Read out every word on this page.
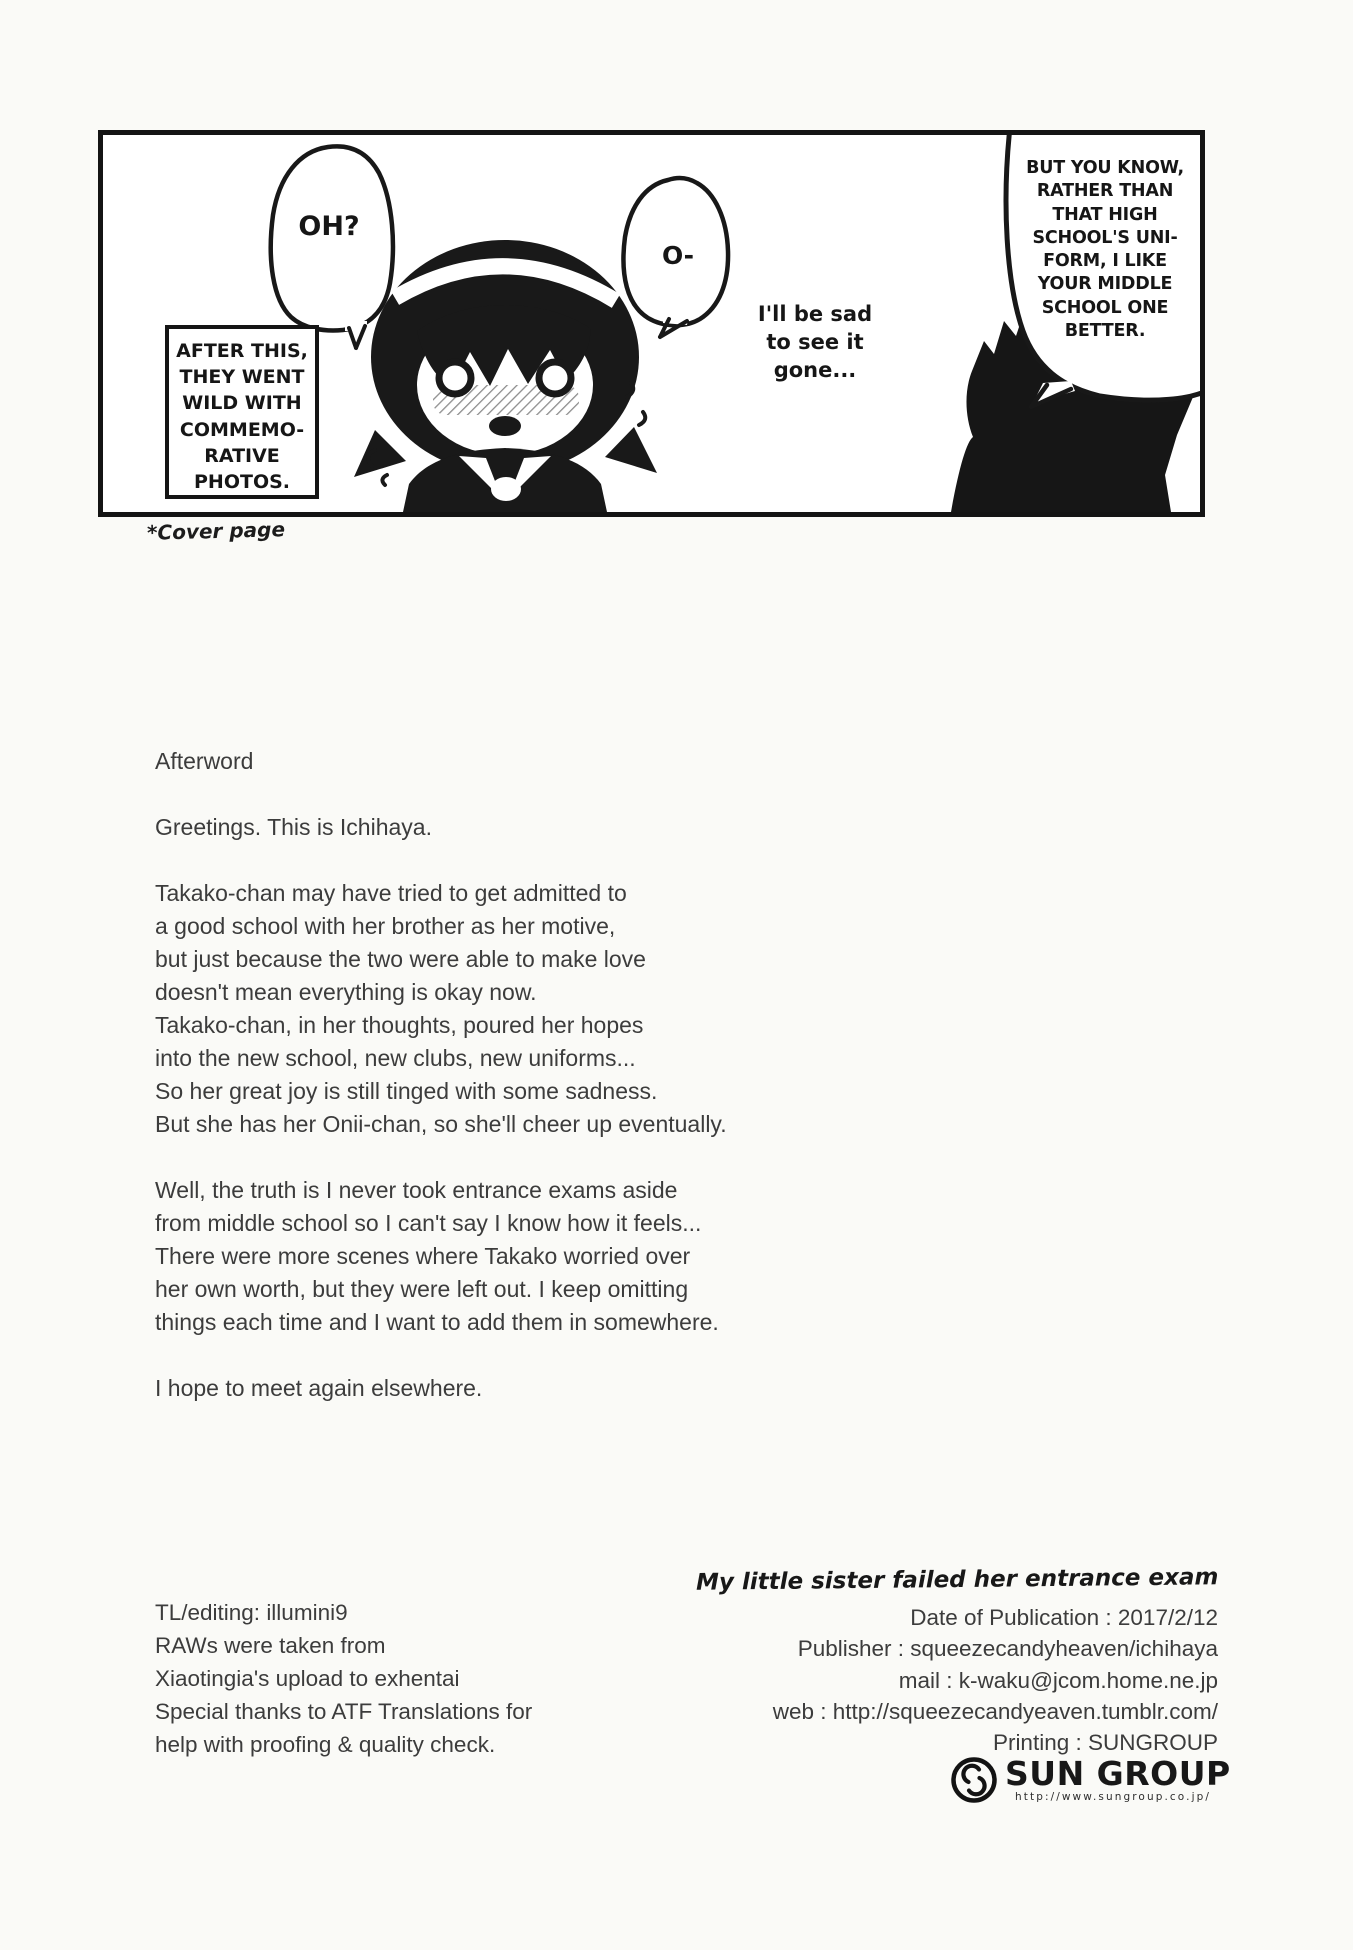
OH?
O-
I'll be sad
to see it
gone...
BUT YOU KNOW,
RATHER THAN
THAT HIGH
SCHOOL'S UNI-
FORM, I LIKE
YOUR MIDDLE
SCHOOL ONE
BETTER.
AFTER THIS,
THEY WENT
WILD WITH
COMMEMO-
RATIVE
PHOTOS.
*Cover page
Afterword
Greetings. This is Ichihaya.
Takako-chan may have tried to get admitted to
a good school with her brother as her motive,
but just because the two were able to make love
doesn't mean everything is okay now.
Takako-chan, in her thoughts, poured her hopes
into the new school, new clubs, new uniforms...
So her great joy is still tinged with some sadness.
But she has her Onii-chan, so she'll cheer up eventually.
Well, the truth is I never took entrance exams aside
from middle school so I can't say I know how it feels...
There were more scenes where Takako worried over
her own worth, but they were left out. I keep omitting
things each time and I want to add them in somewhere.
I hope to meet again elsewhere.
TL/editing: illumini9
RAWs were taken from
Xiaotingia's upload to exhentai
Special thanks to ATF Translations for
help with proofing & quality check.
My little sister failed her entrance exam
Date of Publication : 2017/2/12
Publisher : squeezecandyheaven/ichihaya
mail : k-waku@jcom.home.ne.jp
web : http://squeezecandyeaven.tumblr.com/
Printing : SUNGROUP
SUN GROUP
http://www.sungroup.co.jp/
